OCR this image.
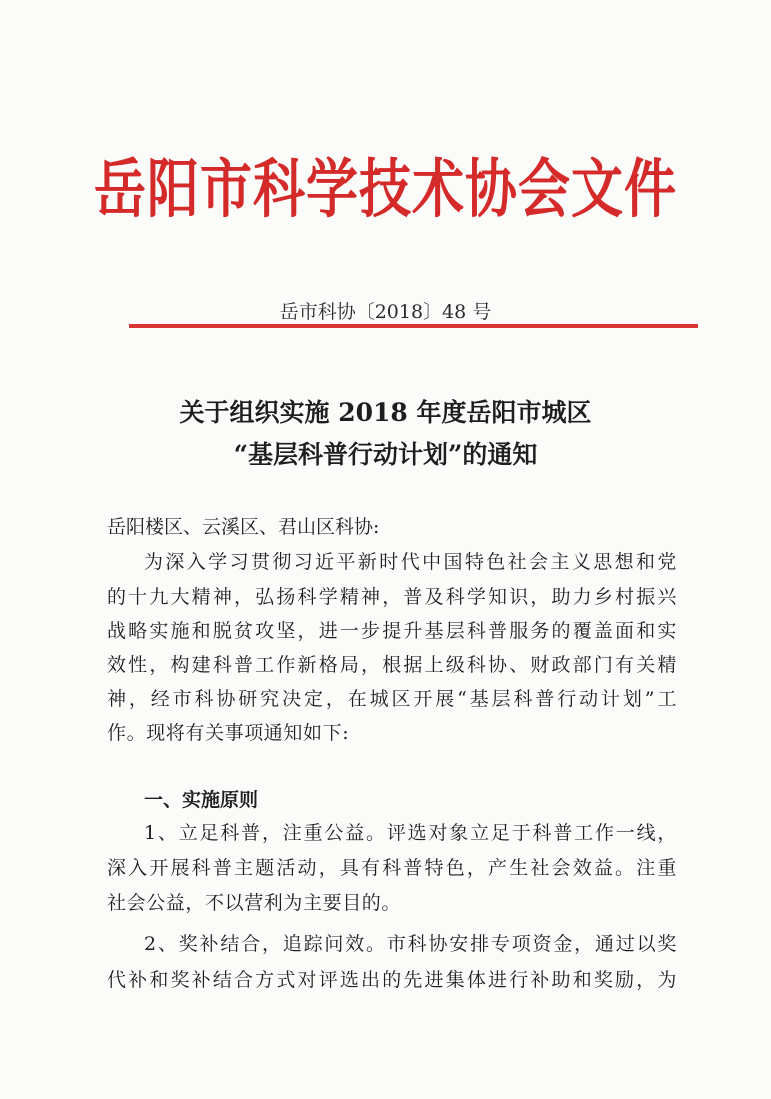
岳阳市科学技术协会文件
岳市科协〔2018〕48 号
关于组织实施 2018 年度岳阳市城区
“基层科普行动计划”的通知
岳阳楼区、云溪区、君山区科协:
为深入学习贯彻习近平新时代中国特色社会主义思想和党
的十九大精神，弘扬科学精神，普及科学知识，助力乡村振兴
战略实施和脱贫攻坚，进一步提升基层科普服务的覆盖面和实
效性，构建科普工作新格局，根据上级科协、财政部门有关精
神，经市科协研究决定，在城区开展“基层科普行动计划”工
作。现将有关事项通知如下:
一、实施原则
1、立足科普，注重公益。评选对象立足于科普工作一线，
深入开展科普主题活动，具有科普特色，产生社会效益。注重
社会公益，不以营利为主要目的。
2、奖补结合，追踪问效。市科协安排专项资金，通过以奖
代补和奖补结合方式对评选出的先进集体进行补助和奖励，为
